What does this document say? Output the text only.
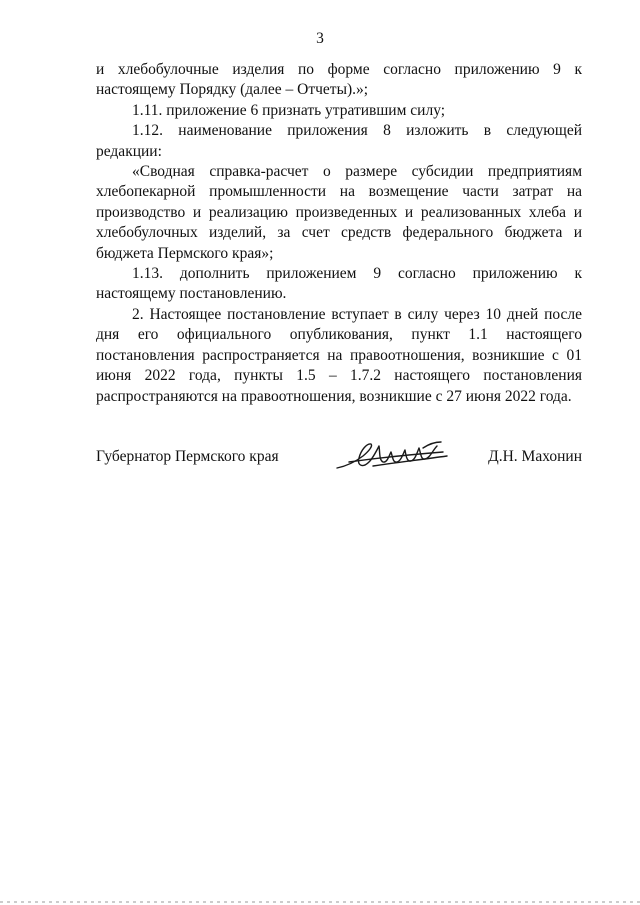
3

и хлебобулочные изделия по форме согласно приложению 9 к настоящему Порядку (далее – Отчеты).»;

1.11. приложение 6 признать утратившим силу;

1.12. наименование приложения 8 изложить в следующей редакции:

«Сводная справка-расчет о размере субсидии предприятиям хлебопекарной промышленности на возмещение части затрат на производство и реализацию произведенных и реализованных хлеба и хлебобулочных изделий, за счет средств федерального бюджета и бюджета Пермского края»;

1.13. дополнить приложением 9 согласно приложению к настоящему постановлению.

2. Настоящее постановление вступает в силу через 10 дней после дня его официального опубликования, пункт 1.1 настоящего постановления распространяется на правоотношения, возникшие с 01 июня 2022 года, пункты 1.5 – 1.7.2 настоящего постановления распространяются на правоотношения, возникшие с 27 июня 2022 года.

Губернатор Пермского края	Д.Н. Махонин
